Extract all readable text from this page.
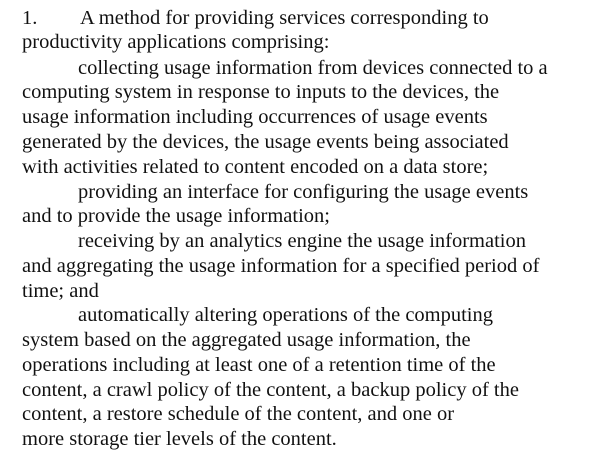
1. A method for providing services corresponding to
productivity applications comprising:
collecting usage information from devices connected to a
computing system in response to inputs to the devices, the
usage information including occurrences of usage events
generated by the devices, the usage events being associated
with activities related to content encoded on a data store;
providing an interface for configuring the usage events
and to provide the usage information;
receiving by an analytics engine the usage information
and aggregating the usage information for a specified period of
time; and
automatically altering operations of the computing
system based on the aggregated usage information, the
operations including at least one of a retention time of the
content, a crawl policy of the content, a backup policy of the
content, a restore schedule of the content, and one or
more storage tier levels of the content.
